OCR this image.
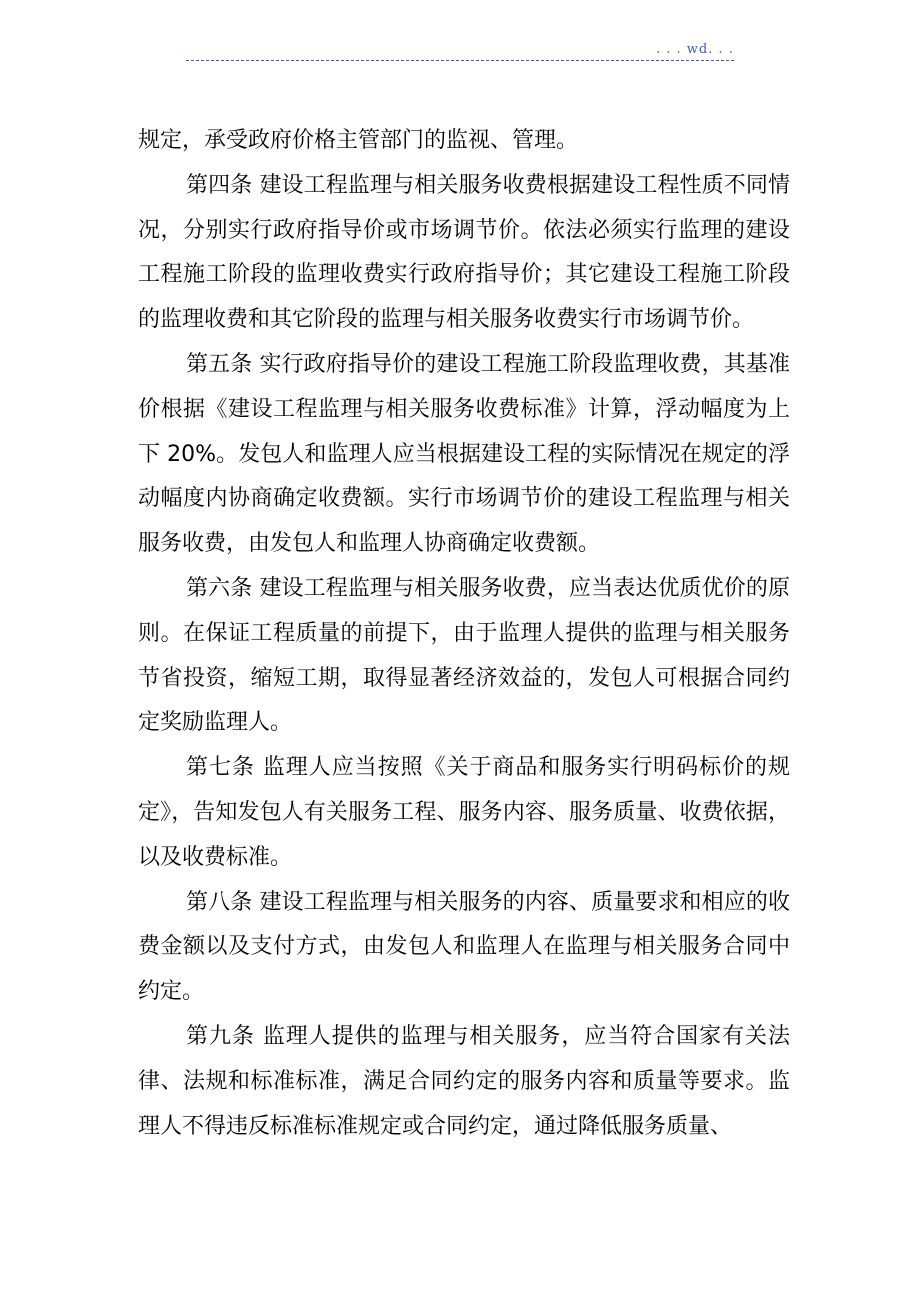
. . . wd. . .

规定，承受政府价格主管部门的监视、管理。

第四条 建设工程监理与相关服务收费根据建设工程性质不同情况，分别实行政府指导价或市场调节价。依法必须实行监理的建设工程施工阶段的监理收费实行政府指导价；其它建设工程施工阶段的监理收费和其它阶段的监理与相关服务收费实行市场调节价。

第五条 实行政府指导价的建设工程施工阶段监理收费，其基准价根据《建设工程监理与相关服务收费标准》计算，浮动幅度为上下 20%。发包人和监理人应当根据建设工程的实际情况在规定的浮动幅度内协商确定收费额。实行市场调节价的建设工程监理与相关服务收费，由发包人和监理人协商确定收费额。

第六条 建设工程监理与相关服务收费，应当表达优质优价的原则。在保证工程质量的前提下，由于监理人提供的监理与相关服务节省投资，缩短工期，取得显著经济效益的，发包人可根据合同约定奖励监理人。

第七条 监理人应当按照《关于商品和服务实行明码标价的规定》，告知发包人有关服务工程、服务内容、服务质量、收费依据，以及收费标准。

第八条 建设工程监理与相关服务的内容、质量要求和相应的收费金额以及支付方式，由发包人和监理人在监理与相关服务合同中约定。

第九条 监理人提供的监理与相关服务，应当符合国家有关法律、法规和标准标准，满足合同约定的服务内容和质量等要求。监理人不得违反标准标准规定或合同约定，通过降低服务质量、
